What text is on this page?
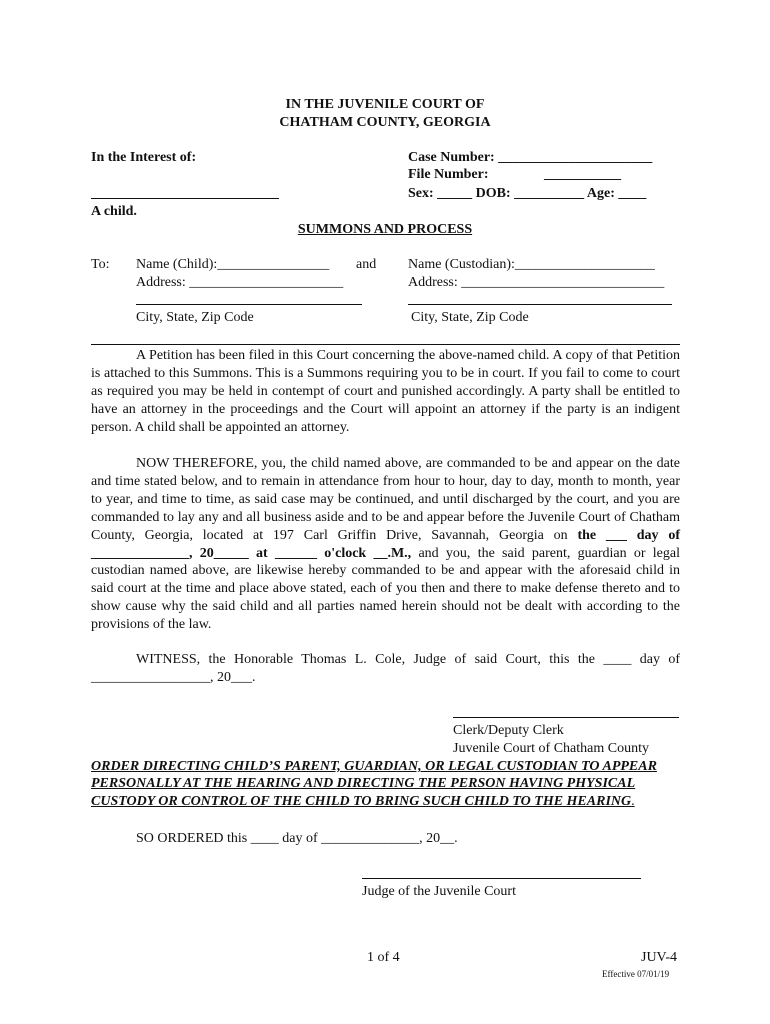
IN THE JUVENILE COURT OF
CHATHAM COUNTY, GEORGIA
In the Interest of:
A child.
Case Number: ______________________
File Number:	___________
Sex: _____ DOB: __________ Age: ____
SUMMONS AND PROCESS
To: Name (Child):________________ and
Address: ______________________
City, State, Zip Code
Name (Custodian):____________________
Address: _____________________________
City, State, Zip Code

A Petition has been filed in this Court concerning the above-named child. A copy of that Petition is attached to this Summons. This is a Summons requiring you to be in court. If you fail to come to court as required you may be held in contempt of court and punished accordingly. A party shall be entitled to have an attorney in the proceedings and the Court will appoint an attorney if the party is an indigent person. A child shall be appointed an attorney.

NOW THEREFORE, you, the child named above, are commanded to be and appear on the date and time stated below, and to remain in attendance from hour to hour, day to day, month to month, year to year, and time to time, as said case may be continued, and until discharged by the court, and you are commanded to lay any and all business aside and to be and appear before the Juvenile Court of Chatham County, Georgia, located at 197 Carl Griffin Drive, Savannah, Georgia on the ___ day of ______________, 20_____ at ______ o'clock __.M., and you, the said parent, guardian or legal custodian named above, are likewise hereby commanded to be and appear with the aforesaid child in said court at the time and place above stated, each of you then and there to make defense thereto and to show cause why the said child and all parties named herein should not be dealt with according to the provisions of the law.

WITNESS, the Honorable Thomas L. Cole, Judge of said Court, this the ____ day of

_________________, 20___.

Clerk/Deputy Clerk
Juvenile Court of Chatham County
ORDER DIRECTING CHILD’S PARENT, GUARDIAN, OR LEGAL CUSTODIAN TO APPEAR PERSONALLY AT THE HEARING AND DIRECTING THE PERSON HAVING PHYSICAL CUSTODY OR CONTROL OF THE CHILD TO BRING SUCH CHILD TO THE HEARING.
SO ORDERED this ____ day of ______________, 20__.
Judge of the Juvenile Court
1 of 4	JUV-4
Effective 07/01/19
